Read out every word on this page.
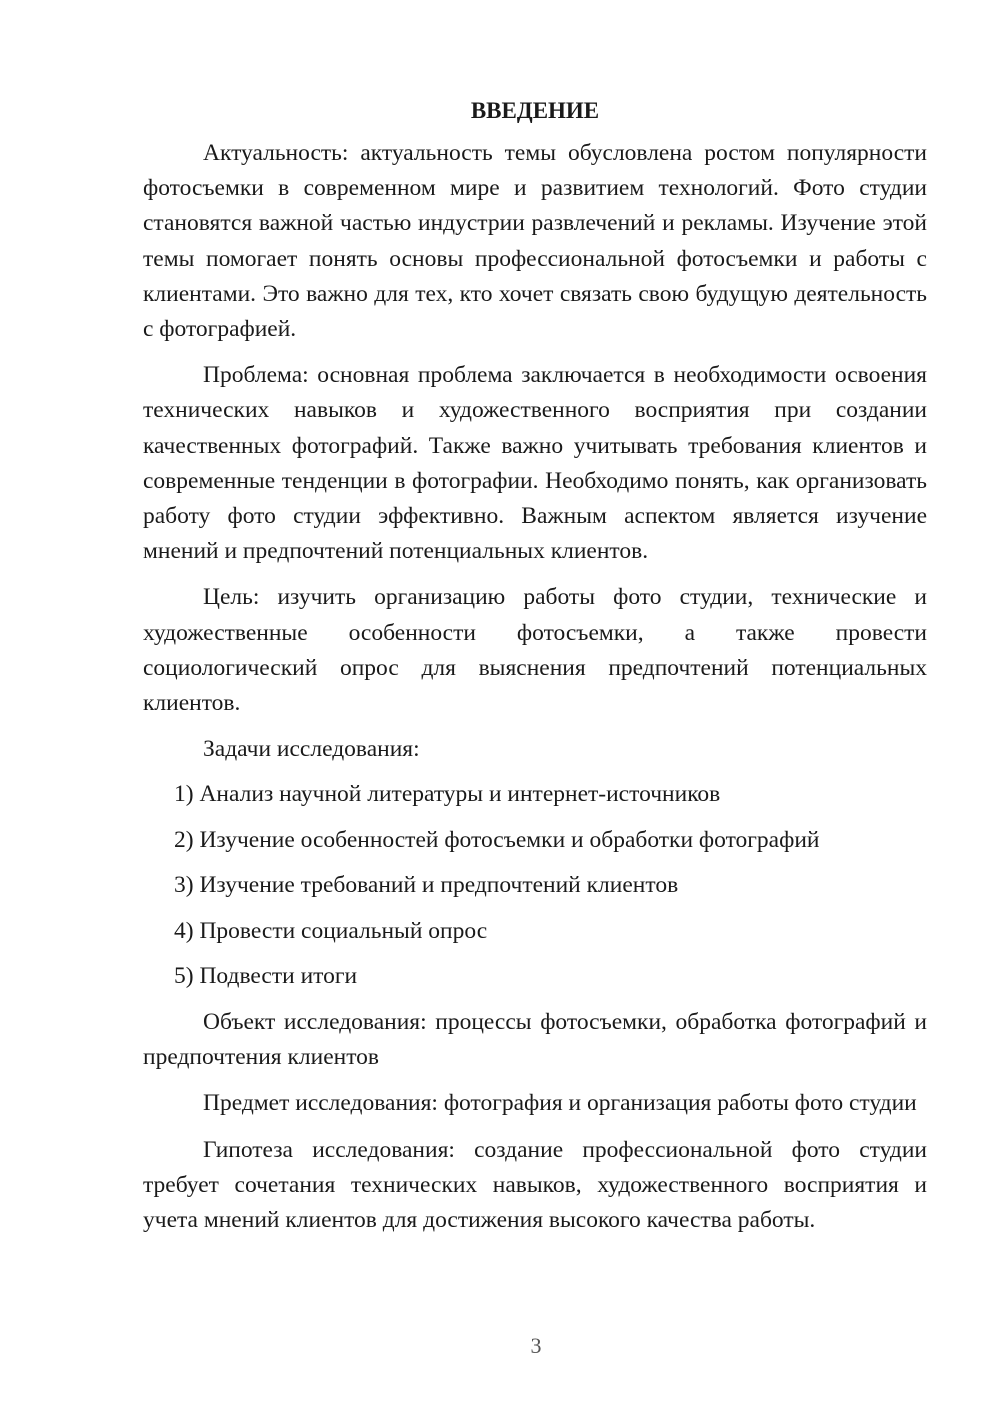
ВВЕДЕНИЕ

Актуальность: актуальность темы обусловлена ростом популярности фотосъемки в современном мире и развитием технологий. Фото студии становятся важной частью индустрии развлечений и рекламы. Изучение этой темы помогает понять основы профессиональной фотосъемки и работы с клиентами. Это важно для тех, кто хочет связать свою будущую деятельность с фотографией.

Проблема: основная проблема заключается в необходимости освоения технических навыков и художественного восприятия при создании качественных фотографий. Также важно учитывать требования клиентов и современные тенденции в фотографии. Необходимо понять, как организовать работу фото студии эффективно. Важным аспектом является изучение мнений и предпочтений потенциальных клиентов.

Цель: изучить организацию работы фото студии, технические и художественные особенности фотосъемки, а также провести социологический опрос для выяснения предпочтений потенциальных клиентов.

Задачи исследования:

1) Анализ научной литературы и интернет-источников
2) Изучение особенностей фотосъемки и обработки фотографий
3) Изучение требований и предпочтений клиентов
4) Провести социальный опрос
5) Подвести итоги

Объект исследования: процессы фотосъемки, обработка фотографий и предпочтения клиентов

Предмет исследования: фотография и организация работы фото студии

Гипотеза исследования: создание профессиональной фото студии требует сочетания технических навыков, художественного восприятия и учета мнений клиентов для достижения высокого качества работы.

3
